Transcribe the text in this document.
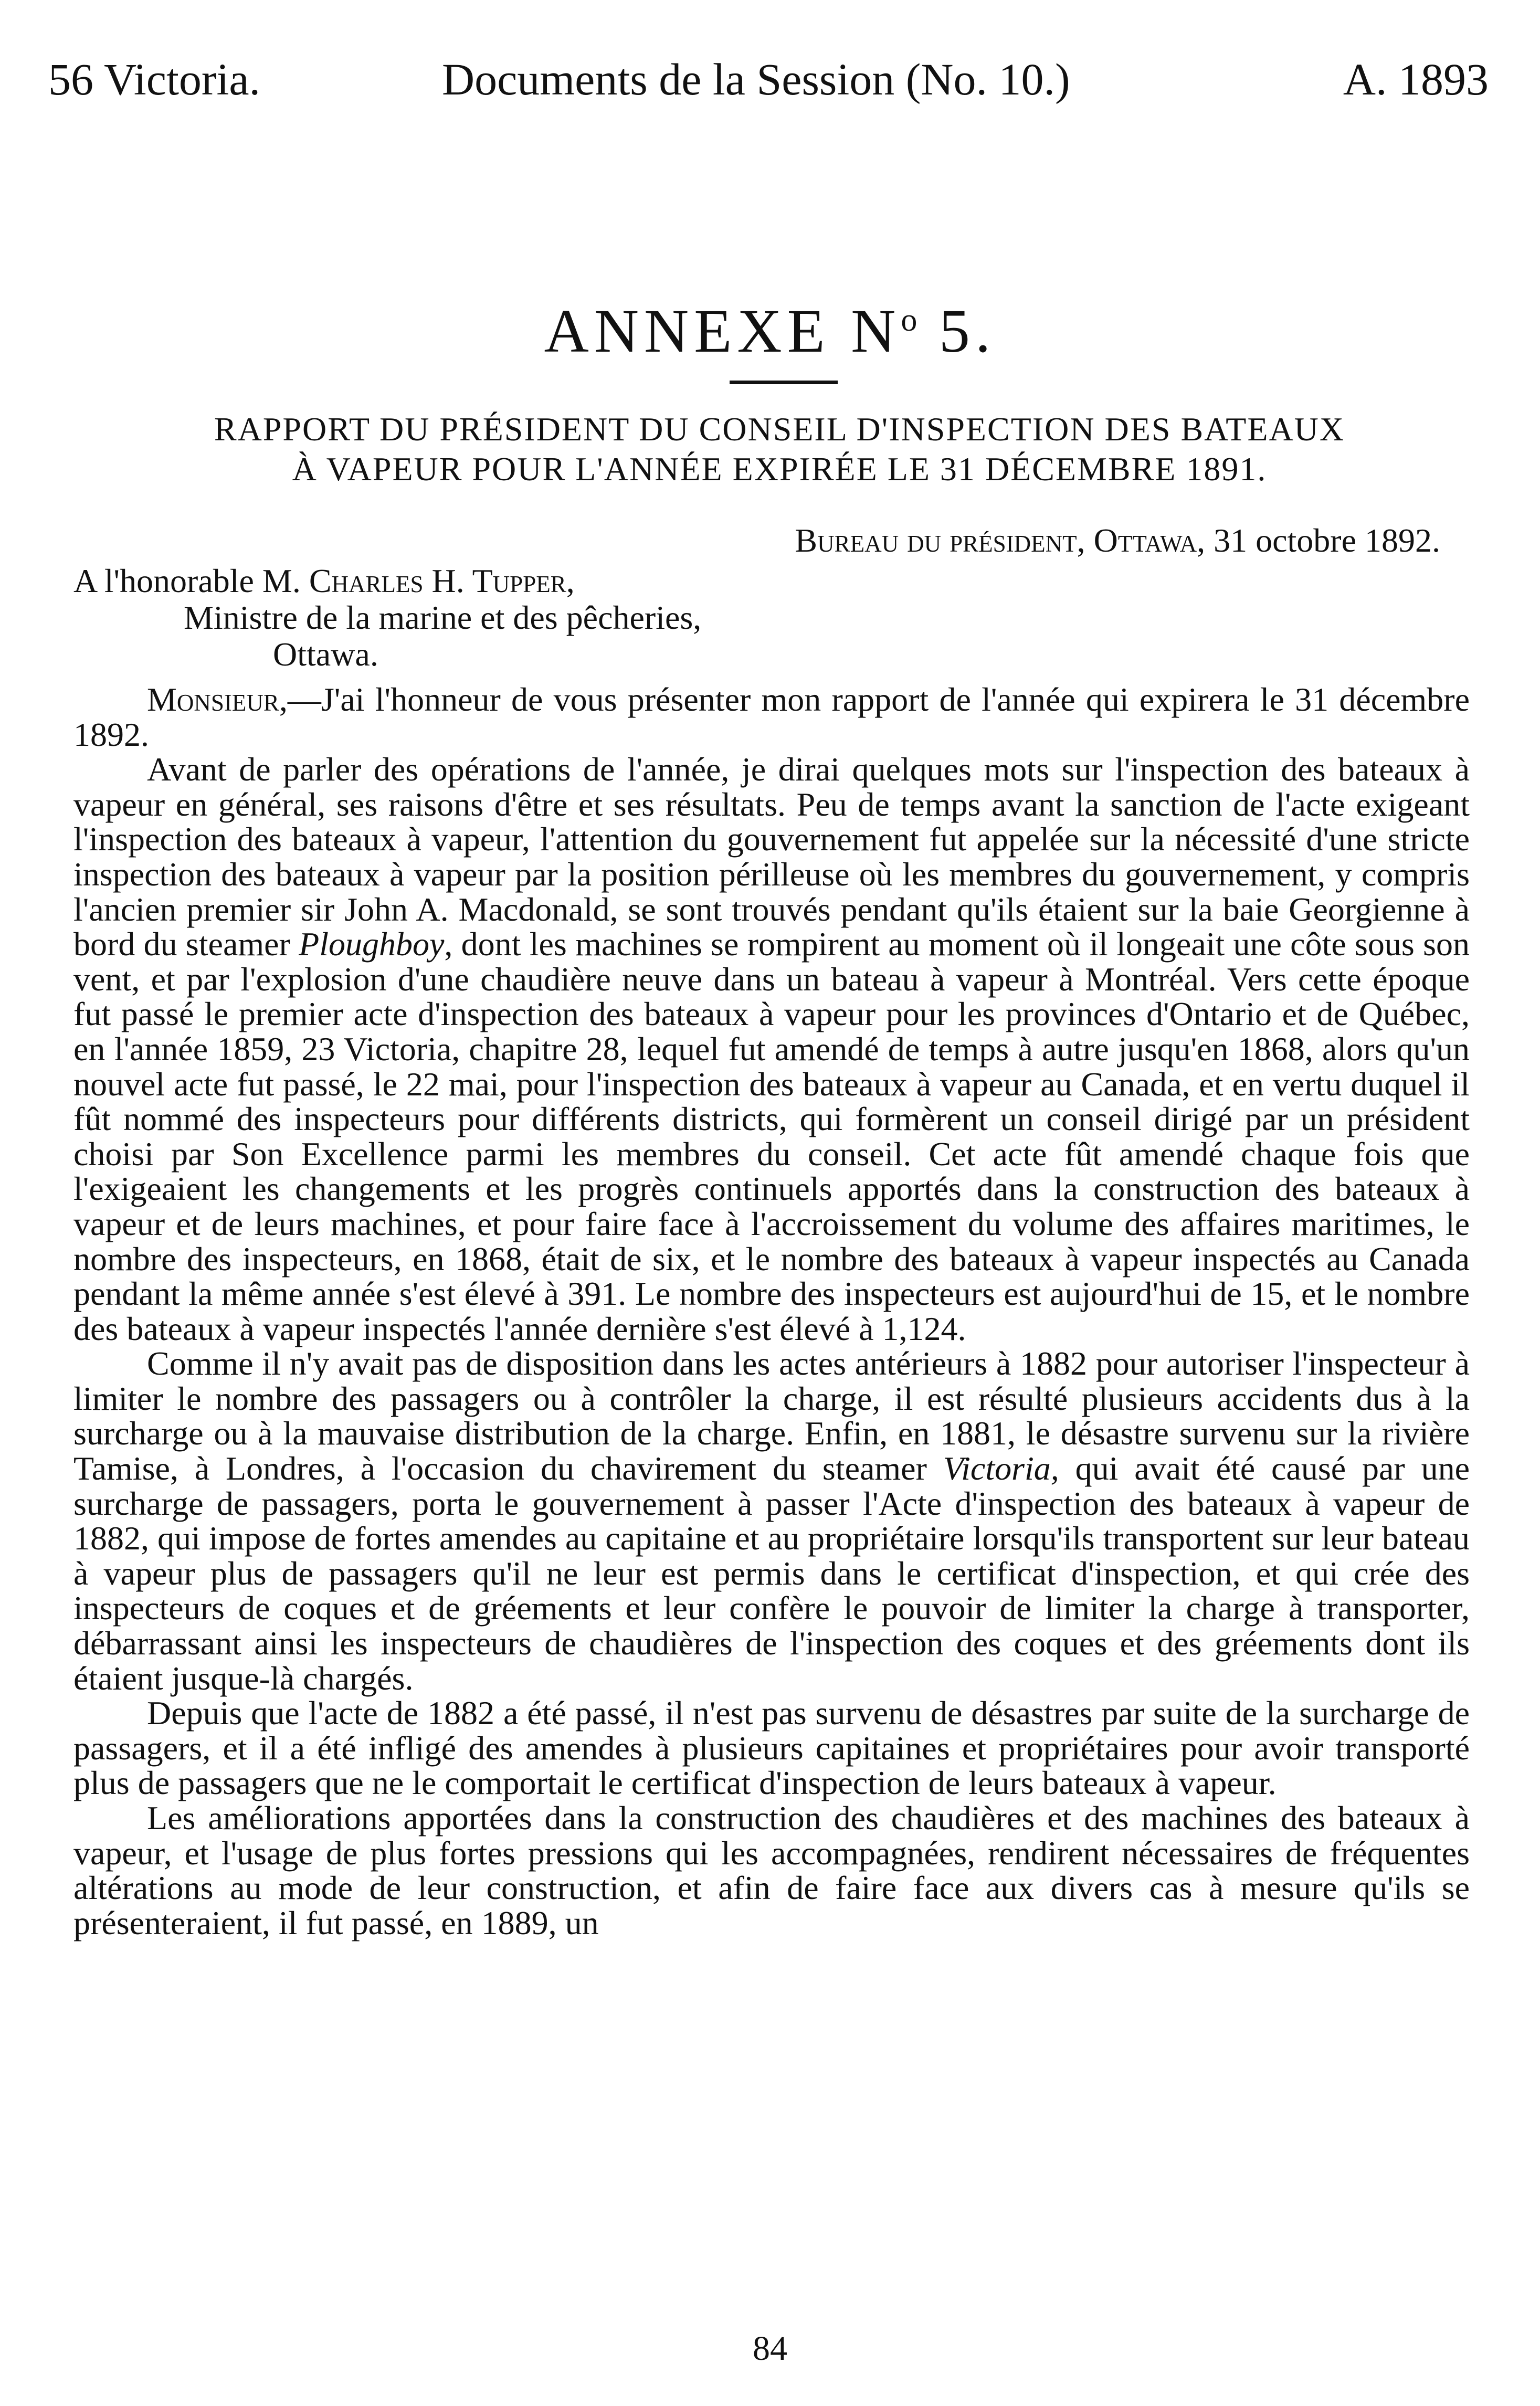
56 Victoria.	Documents de la Session (No. 10.)	A. 1893
ANNEXE $N^o$ 5.
RAPPORT DU PRÉSIDENT DU CONSEIL D'INSPECTION DES BATEAUX
À VAPEUR POUR L'ANNÉE EXPIRÉE LE 31 DÉCEMBRE 1891.
Bureau du président, Ottawa, 31 octobre 1892.
A l'honorable M. Charles H. Tupper,
Ministre de la marine et des pêcheries,
Ottawa.

Monsieur,—J'ai l'honneur de vous présenter mon rapport de l'année qui expirera le 31 décembre 1892.

Avant de parler des opérations de l'année, je dirai quelques mots sur l'inspection des bateaux à vapeur en général, ses raisons d'être et ses résultats. Peu de temps avant la sanction de l'acte exigeant l'inspection des bateaux à vapeur, l'attention du gouvernement fut appelée sur la nécessité d'une stricte inspection des bateaux à vapeur par la position périlleuse où les membres du gouvernement, y compris l'ancien premier sir John A. Macdonald, se sont trouvés pendant qu'ils étaient sur la baie Georgienne à bord du steamer Ploughboy, dont les machines se rompirent au moment où il longeait une côte sous son vent, et par l'explosion d'une chaudière neuve dans un bateau à vapeur à Montréal. Vers cette époque fut passé le premier acte d'inspection des bateaux à vapeur pour les provinces d'Ontario et de Québec, en l'année 1859, 23 Victoria, chapitre 28, lequel fut amendé de temps à autre jusqu'en 1868, alors qu'un nouvel acte fut passé, le 22 mai, pour l'inspection des bateaux à vapeur au Canada, et en vertu duquel il fût nommé des inspecteurs pour différents districts, qui formèrent un conseil dirigé par un président choisi par Son Excellence parmi les membres du conseil. Cet acte fût amendé chaque fois que l'exigeaient les changements et les progrès continuels apportés dans la construction des bateaux à vapeur et de leurs machines, et pour faire face à l'accroissement du volume des affaires maritimes, le nombre des inspecteurs, en 1868, était de six, et le nombre des bateaux à vapeur inspectés au Canada pendant la même année s'est élevé à 391. Le nombre des inspecteurs est aujourd'hui de 15, et le nombre des bateaux à vapeur inspectés l'année dernière s'est élevé à 1,124.

Comme il n'y avait pas de disposition dans les actes antérieurs à 1882 pour autoriser l'inspecteur à limiter le nombre des passagers ou à contrôler la charge, il est résulté plusieurs accidents dus à la surcharge ou à la mauvaise distribution de la charge. Enfin, en 1881, le désastre survenu sur la rivière Tamise, à Londres, à l'occasion du chavirement du steamer Victoria, qui avait été causé par une surcharge de passagers, porta le gouvernement à passer l'Acte d'inspection des bateaux à vapeur de 1882, qui impose de fortes amendes au capitaine et au propriétaire lorsqu'ils transportent sur leur bateau à vapeur plus de passagers qu'il ne leur est permis dans le certificat d'inspection, et qui crée des inspecteurs de coques et de gréements et leur confère le pouvoir de limiter la charge à transporter, débarrassant ainsi les inspecteurs de chaudières de l'inspection des coques et des gréements dont ils étaient jusque-là chargés.

Depuis que l'acte de 1882 a été passé, il n'est pas survenu de désastres par suite de la surcharge de passagers, et il a été infligé des amendes à plusieurs capitaines et propriétaires pour avoir transporté plus de passagers que ne le comportait le certificat d'inspection de leurs bateaux à vapeur.

Les améliorations apportées dans la construction des chaudières et des machines des bateaux à vapeur, et l'usage de plus fortes pressions qui les accompagnées, rendirent nécessaires de fréquentes altérations au mode de leur construction, et afin de faire face aux divers cas à mesure qu'ils se présenteraient, il fut passé, en 1889, un

84
